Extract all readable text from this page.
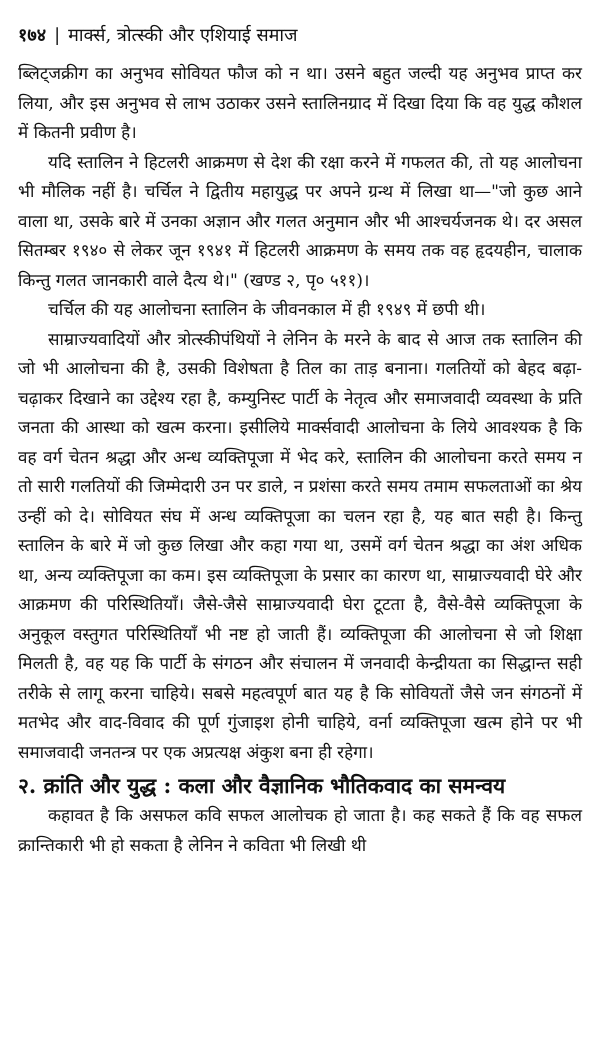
१७४ | मार्क्स, त्रोत्स्की और एशियाई समाज

ब्लिट्जक्रीग का अनुभव सोवियत फौज को न था। उसने बहुत जल्दी यह अनुभव प्राप्त कर लिया, और इस अनुभव से लाभ उठाकर उसने स्तालिनग्राद में दिखा दिया कि वह युद्ध कौशल में कितनी प्रवीण है।

यदि स्तालिन ने हिटलरी आक्रमण से देश की रक्षा करने में गफलत की, तो यह आलोचना भी मौलिक नहीं है। चर्चिल ने द्वितीय महायुद्ध पर अपने ग्रन्थ में लिखा था—"जो कुछ आने वाला था, उसके बारे में उनका अज्ञान और गलत अनुमान और भी आश्चर्यजनक थे। दर असल सितम्बर १९४० से लेकर जून १९४१ में हिटलरी आक्रमण के समय तक वह हृदयहीन, चालाक किन्तु गलत जानकारी वाले दैत्य थे।" (खण्ड २, पृ० ५११)।

चर्चिल की यह आलोचना स्तालिन के जीवनकाल में ही १९४९ में छपी थी।

साम्राज्यवादियों और त्रोत्स्कीपंथियों ने लेनिन के मरने के बाद से आज तक स्तालिन की जो भी आलोचना की है, उसकी विशेषता है तिल का ताड़ बनाना। गलतियों को बेहद बढ़ा-चढ़ाकर दिखाने का उद्देश्य रहा है, कम्युनिस्ट पार्टी के नेतृत्व और समाजवादी व्यवस्था के प्रति जनता की आस्था को खत्म करना। इसीलिये मार्क्सवादी आलोचना के लिये आवश्यक है कि वह वर्ग चेतन श्रद्धा और अन्ध व्यक्तिपूजा में भेद करे, स्तालिन की आलोचना करते समय न तो सारी गलतियों की जिम्मेदारी उन पर डाले, न प्रशंसा करते समय तमाम सफलताओं का श्रेय उन्हीं को दे। सोवियत संघ में अन्ध व्यक्तिपूजा का चलन रहा है, यह बात सही है। किन्तु स्तालिन के बारे में जो कुछ लिखा और कहा गया था, उसमें वर्ग चेतन श्रद्धा का अंश अधिक था, अन्य व्यक्तिपूजा का कम। इस व्यक्तिपूजा के प्रसार का कारण था, साम्राज्यवादी घेरे और आक्रमण की परिस्थितियाँ। जैसे-जैसे साम्राज्यवादी घेरा टूटता है, वैसे-वैसे व्यक्तिपूजा के अनुकूल वस्तुगत परिस्थितियाँ भी नष्ट हो जाती हैं। व्यक्तिपूजा की आलोचना से जो शिक्षा मिलती है, वह यह कि पार्टी के संगठन और संचालन में जनवादी केन्द्रीयता का सिद्धान्त सही तरीके से लागू करना चाहिये। सबसे महत्वपूर्ण बात यह है कि सोवियतों जैसे जन संगठनों में मतभेद और वाद-विवाद की पूर्ण गुंजाइश होनी चाहिये, वर्ना व्यक्तिपूजा खत्म होने पर भी समाजवादी जनतन्त्र पर एक अप्रत्यक्ष अंकुश बना ही रहेगा।

२. क्रांति और युद्ध : कला और वैज्ञानिक भौतिकवाद का समन्वय

कहावत है कि असफल कवि सफल आलोचक हो जाता है। कह सकते हैं कि वह सफल क्रान्तिकारी भी हो सकता है लेनिन ने कविता भी लिखी थी
